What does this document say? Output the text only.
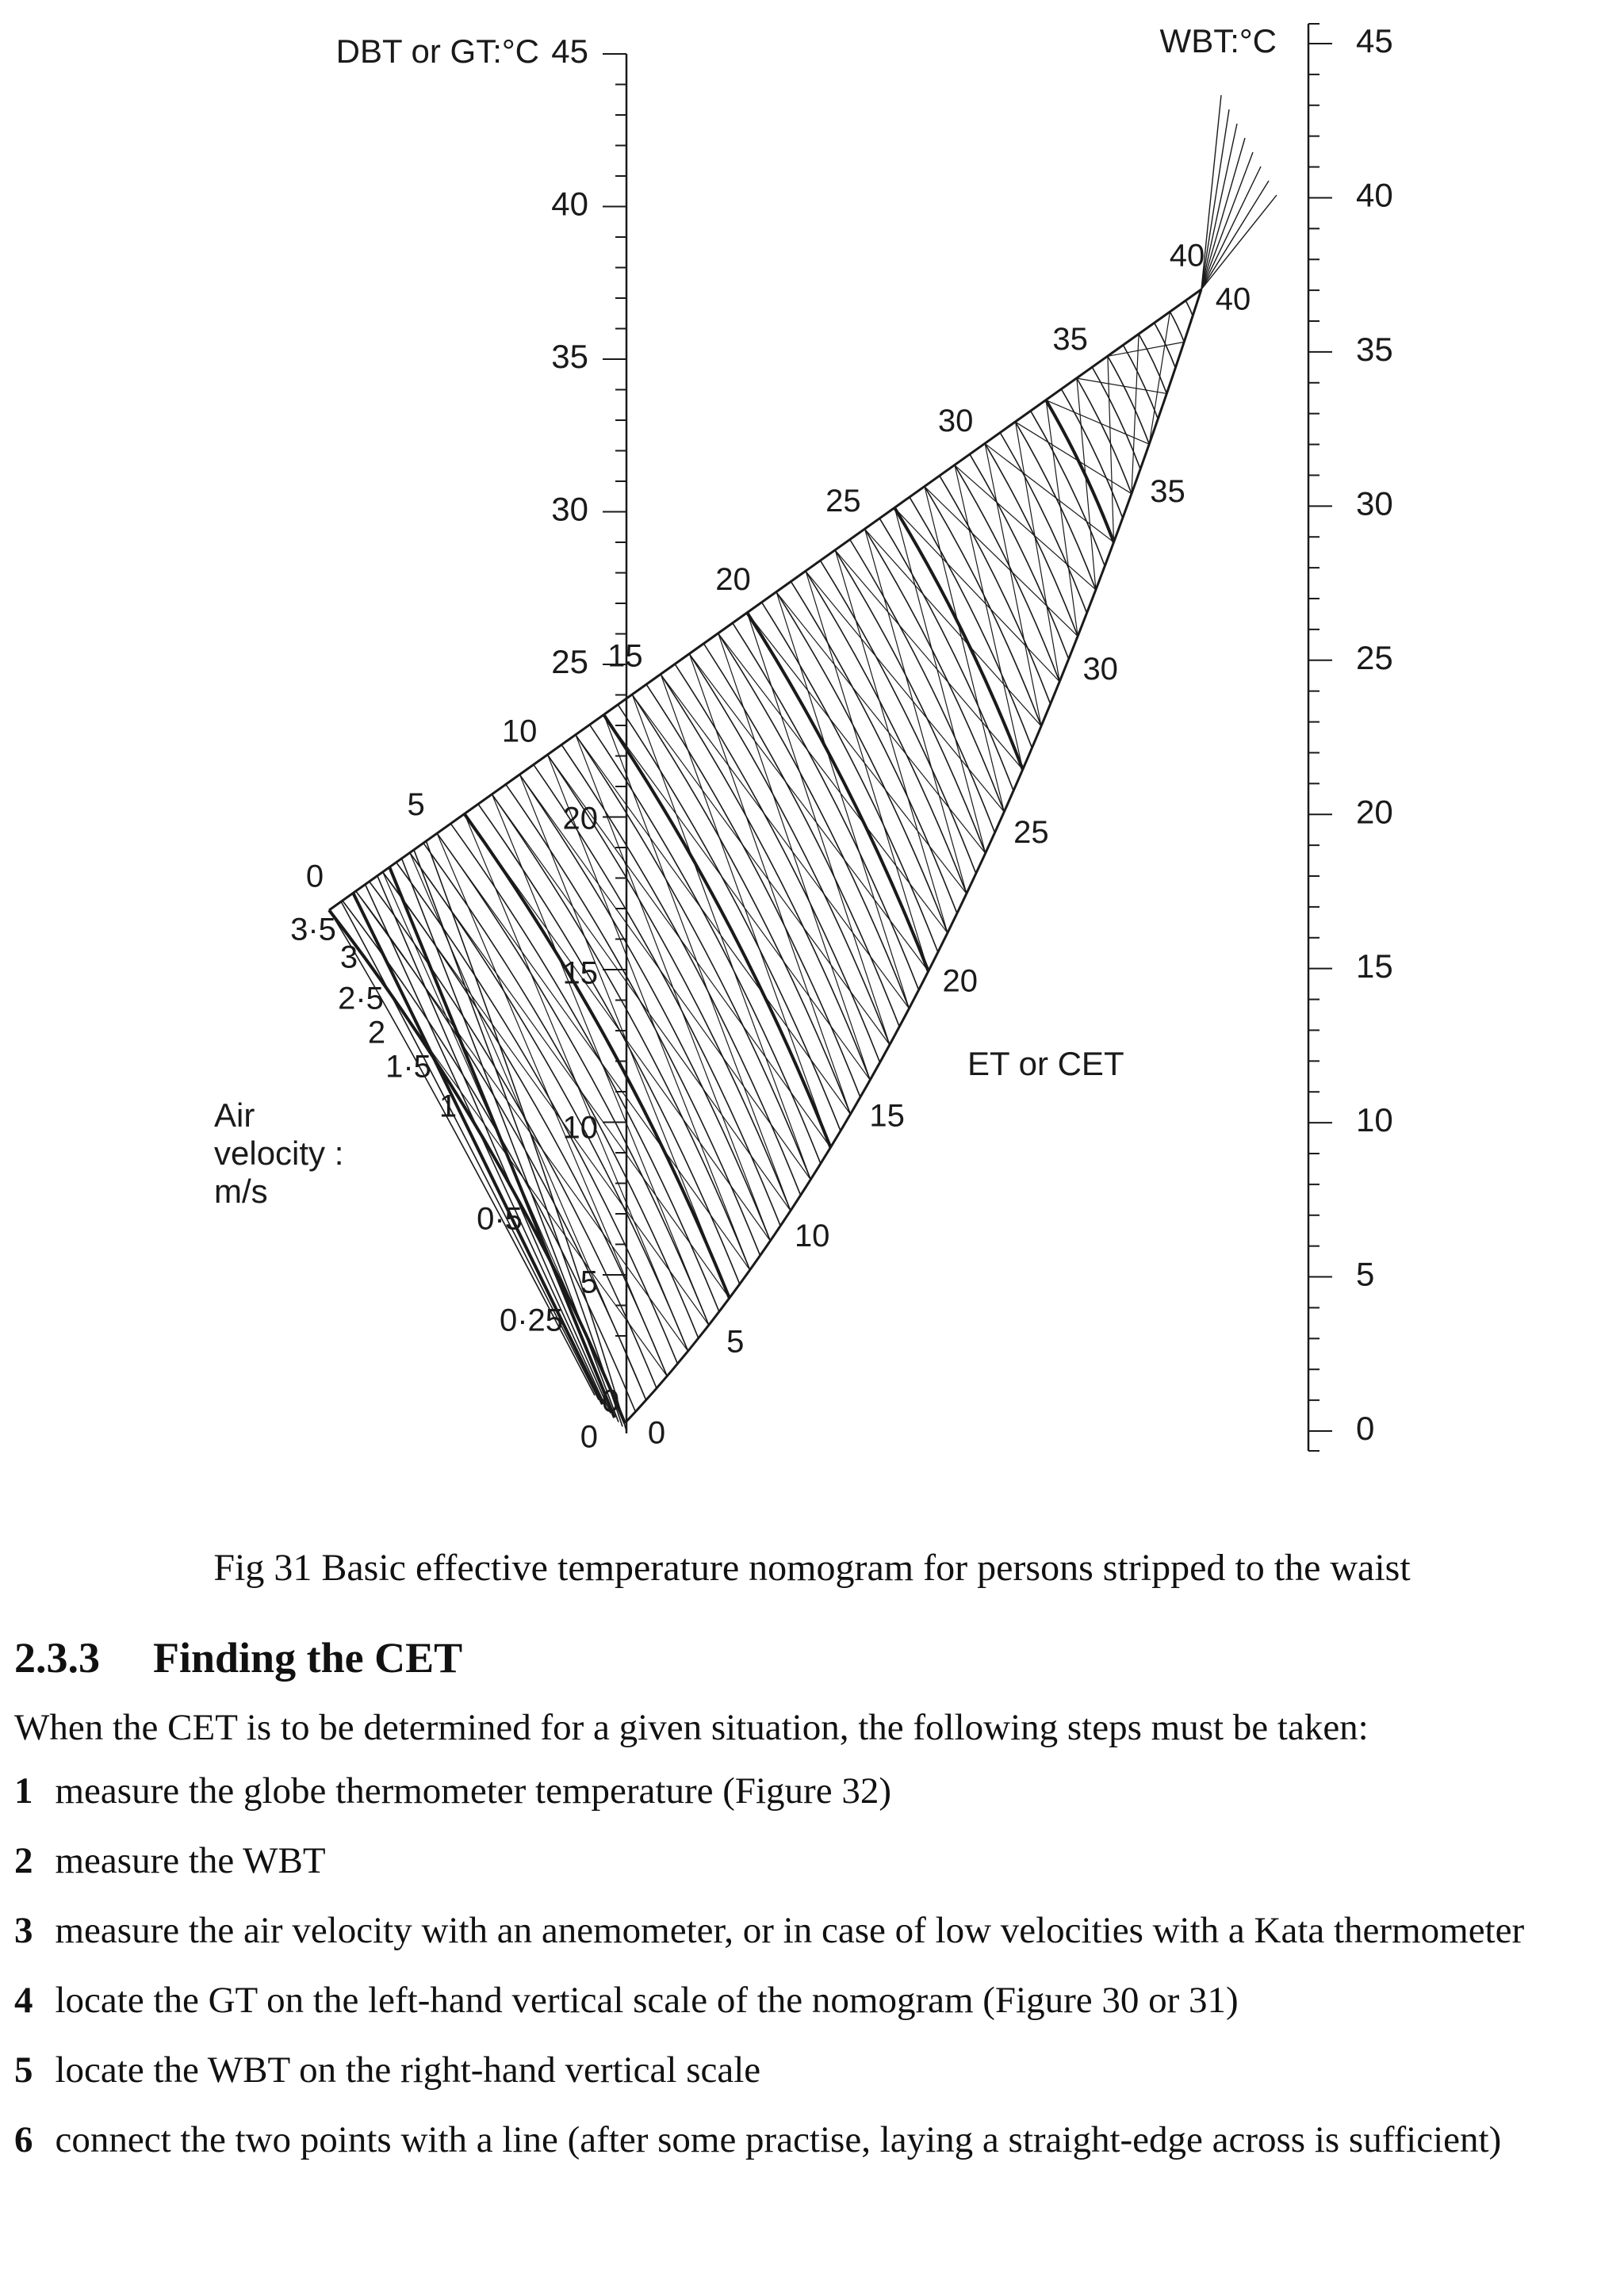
45
40
35
30
25
DBT or GT:°C	45
40
35
30
25
20
15
10
5
0
WBT:°C
0
5
10
15
20
25
30
35
40
0
5
10
15
20
25
30
35
40
20
15
10
5
0
3·5
3
2·5
2
1·5
1
0·5
0·25
0
Air
velocity :
m/s
ET or CET
Fig 31 Basic effective temperature nomogram for persons stripped to the waist
2.3.3 Finding the CET
When the CET is to be determined for a given situation, the following steps must be taken:
1 measure the globe thermometer temperature (Figure 32)
2 measure the WBT
3 measure the air velocity with an anemometer, or in case of low velocities with a Kata thermometer
4 locate the GT on the left-hand vertical scale of the nomogram (Figure 30 or 31)
5 locate the WBT on the right-hand vertical scale
6 connect the two points with a line (after some practise, laying a straight-edge across is sufficient)
